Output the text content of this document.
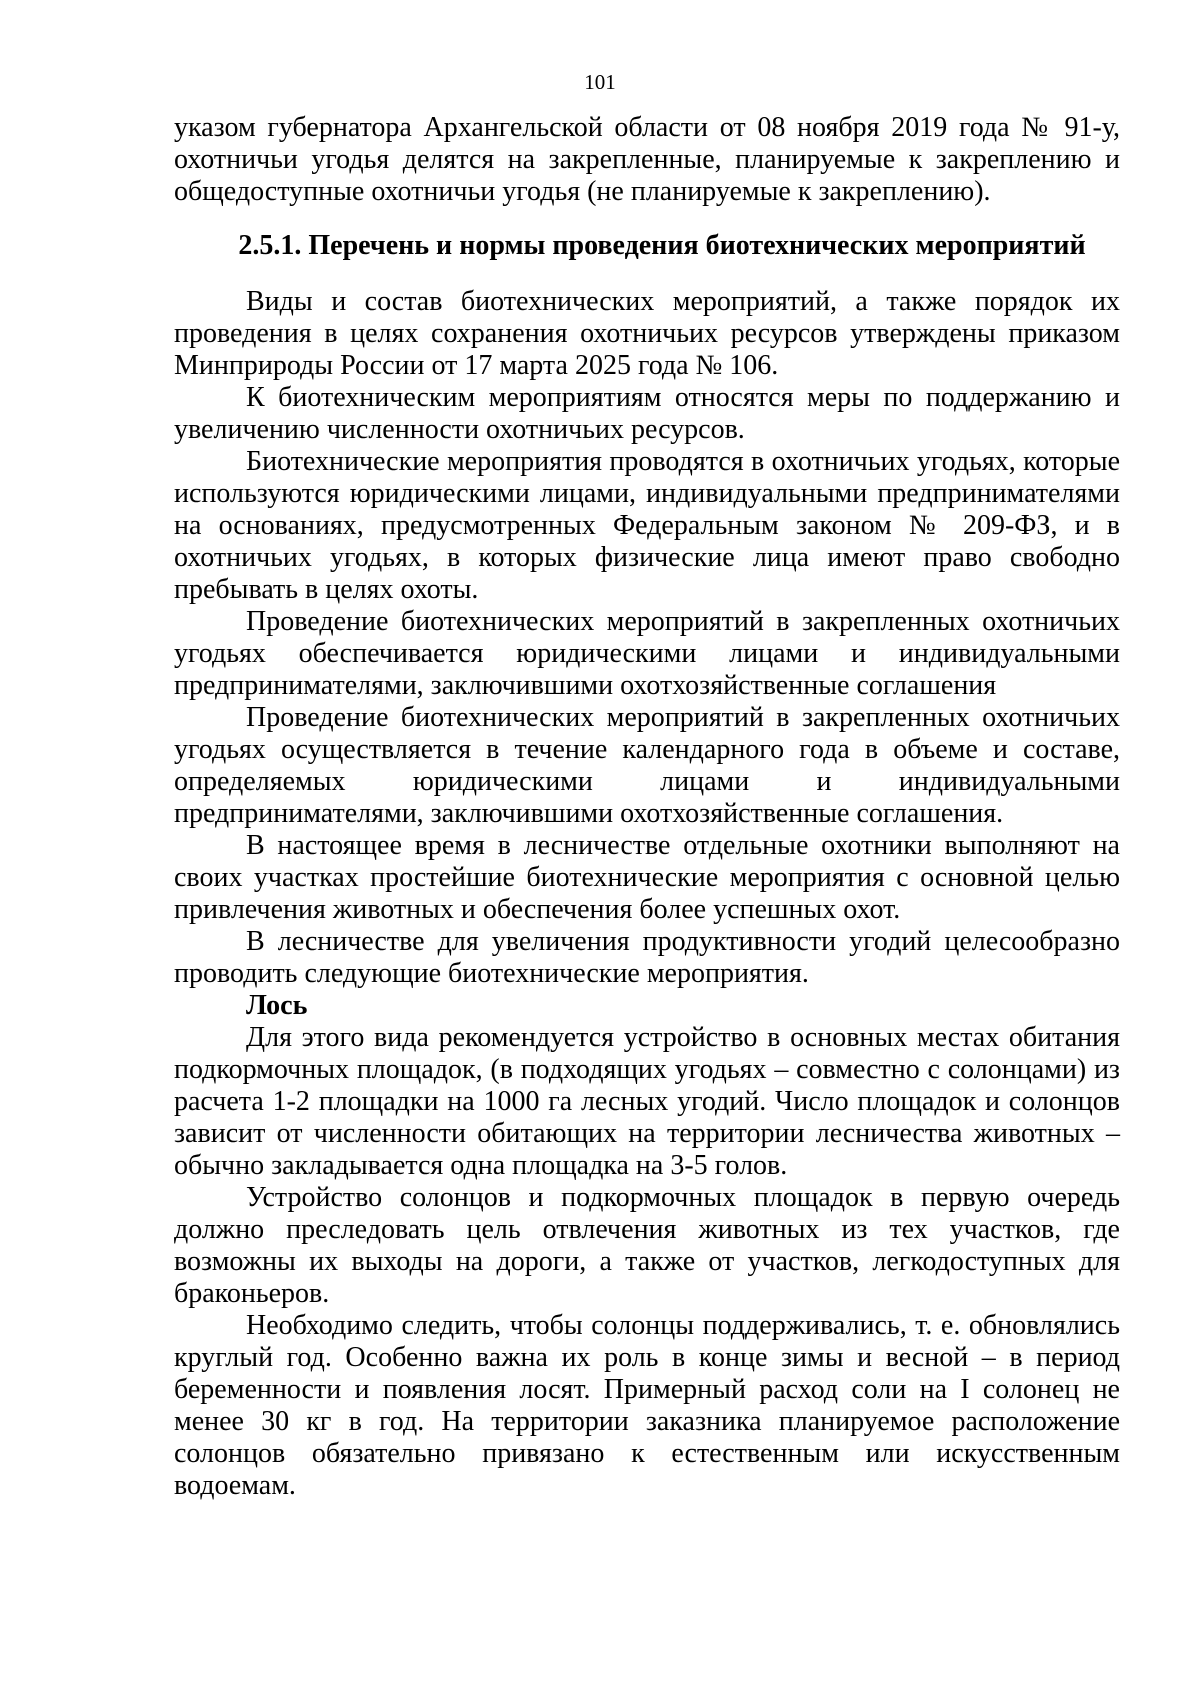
101

указом губернатора Архангельской области от 08 ноября 2019 года № 91-у, охотничьи угодья делятся на закрепленные, планируемые к закреплению и общедоступные охотничьи угодья (не планируемые к закреплению).

2.5.1. Перечень и нормы проведения биотехнических мероприятий

Виды и состав биотехнических мероприятий, а также порядок их проведения в целях сохранения охотничьих ресурсов утверждены приказом Минприроды России от 17 марта 2025 года № 106.

К биотехническим мероприятиям относятся меры по поддержанию и увеличению численности охотничьих ресурсов.

Биотехнические мероприятия проводятся в охотничьих угодьях, которые используются юридическими лицами, индивидуальными предпринимателями на основаниях, предусмотренных Федеральным законом № 209-ФЗ, и в охотничьих угодьях, в которых физические лица имеют право свободно пребывать в целях охоты.

Проведение биотехнических мероприятий в закрепленных охотничьих угодьях обеспечивается юридическими лицами и индивидуальными предпринимателями, заключившими охотхозяйственные соглашения

Проведение биотехнических мероприятий в закрепленных охотничьих угодьях осуществляется в течение календарного года в объеме и составе, определяемых юридическими лицами и индивидуальными предпринимателями, заключившими охотхозяйственные соглашения.

В настоящее время в лесничестве отдельные охотники выполняют на своих участках простейшие биотехнические мероприятия с основной целью привлечения животных и обеспечения более успешных охот.

В лесничестве для увеличения продуктивности угодий целесообразно проводить следующие биотехнические мероприятия.

Лось

Для этого вида рекомендуется устройство в основных местах обитания подкормочных площадок, (в подходящих угодьях – совместно с солонцами) из расчета 1-2 площадки на 1000 га лесных угодий. Число площадок и солонцов зависит от численности обитающих на территории лесничества животных – обычно закладывается одна площадка на 3-5 голов.

Устройство солонцов и подкормочных площадок в первую очередь должно преследовать цель отвлечения животных из тех участков, где возможны их выходы на дороги, а также от участков, легкодоступных для браконьеров.

Необходимо следить, чтобы солонцы поддерживались, т. е. обновлялись круглый год. Особенно важна их роль в конце зимы и весной – в период беременности и появления лосят. Примерный расход соли на I солонец не менее 30 кг в год. На территории заказника планируемое расположение солонцов обязательно привязано к естественным или искусственным водоемам.
